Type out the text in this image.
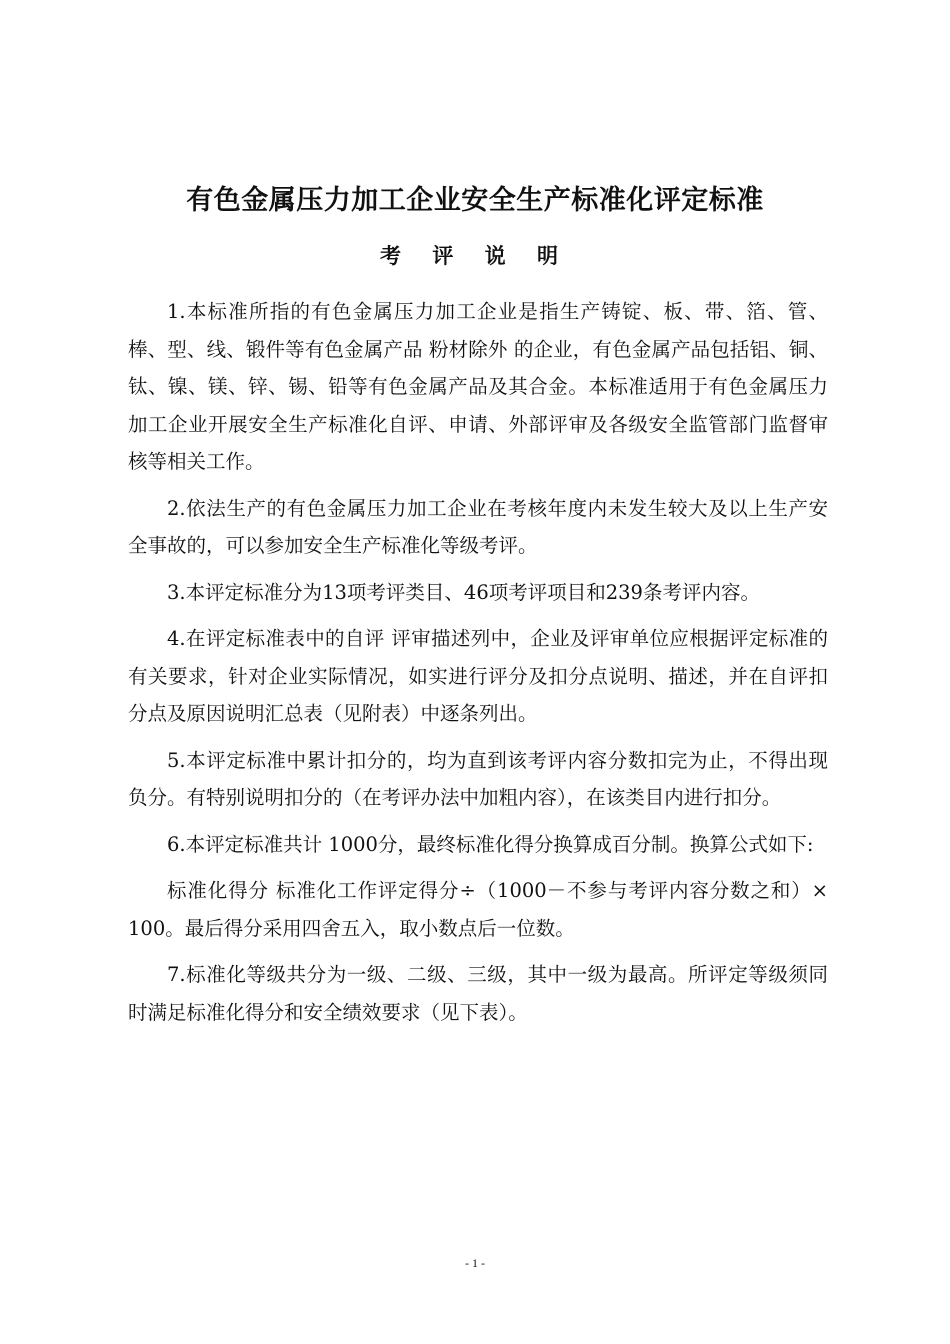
有色金属压力加工企业安全生产标准化评定标准
考 评 说 明

1.本标准所指的有色金属压力加工企业是指生产铸锭、板、带、箔、管、棒、型、线、锻件等有色金属产品 粉材除外 的企业，有色金属产品包括铝、铜、钛、镍、镁、锌、锡、铅等有色金属产品及其合金。本标准适用于有色金属压力加工企业开展安全生产标准化自评、申请、外部评审及各级安全监管部门监督审核等相关工作。

2.依法生产的有色金属压力加工企业在考核年度内未发生较大及以上生产安全事故的，可以参加安全生产标准化等级考评。

3.本评定标准分为13项考评类目、46项考评项目和239条考评内容。

4.在评定标准表中的自评 评审描述列中，企业及评审单位应根据评定标准的有关要求，针对企业实际情况，如实进行评分及扣分点说明、描述，并在自评扣分点及原因说明汇总表（见附表）中逐条列出。

5.本评定标准中累计扣分的，均为直到该考评内容分数扣完为止，不得出现负分。有特别说明扣分的（在考评办法中加粗内容），在该类目内进行扣分。

6.本评定标准共计 1000分，最终标准化得分换算成百分制。换算公式如下:

标准化得分 标准化工作评定得分÷（1000－不参与考评内容分数之和）× 100。最后得分采用四舍五入，取小数点后一位数。

7.标准化等级共分为一级、二级、三级，其中一级为最高。所评定等级须同时满足标准化得分和安全绩效要求（见下表）。

- 1 -
